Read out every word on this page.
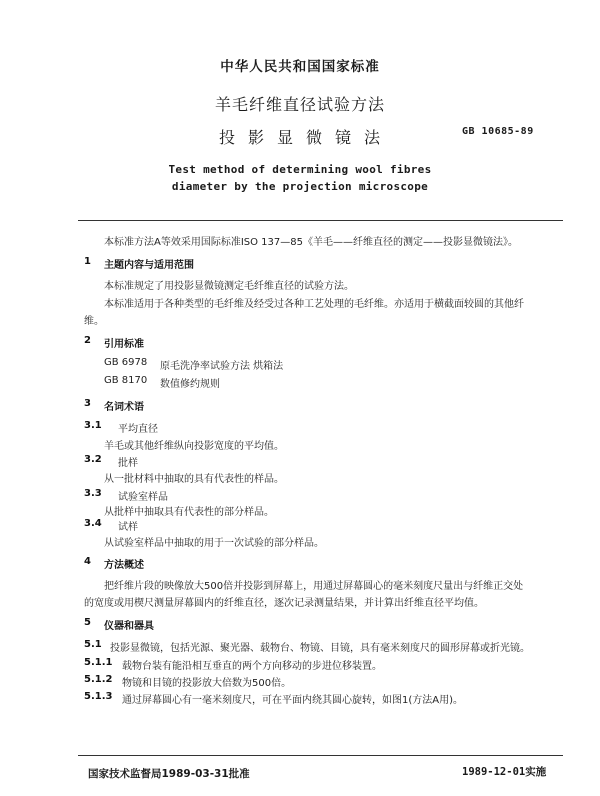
中华人民共和国国家标准
羊毛纤维直径试验方法
投影显微镜法	GB 10685-89
Test method of determining wool fibres
diameter by the projection microscope
本标准方法A等效采用国际标准ISO 137—85《羊毛——纤维直径的测定——投影显微镜法》。
1 主题内容与适用范围
本标准规定了用投影显微镜测定毛纤维直径的试验方法。
本标准适用于各种类型的毛纤维及经受过各种工艺处理的毛纤维。亦适用于横截面较圆的其他纤
维。
2 引用标准
GB 6978 原毛洗净率试验方法 烘箱法
GB 8170 数值修约规则
3 名词术语
3.1 平均直径
羊毛或其他纤维纵向投影宽度的平均值。
3.2 批样
从一批材料中抽取的具有代表性的样品。
3.3 试验室样品
从批样中抽取具有代表性的部分样品。
3.4 试样
从试验室样品中抽取的用于一次试验的部分样品。
4 方法概述
把纤维片段的映像放大500倍并投影到屏幕上，用通过屏幕圆心的毫米刻度尺量出与纤维正交处
的宽度或用楔尺测量屏幕圆内的纤维直径，逐次记录测量结果，并计算出纤维直径平均值。
5 仪器和器具
5.1 投影显微镜，包括光源、聚光器、载物台、物镜、目镜，具有毫米刻度尺的圆形屏幕或折光镜。
5.1.1 载物台装有能沿相互垂直的两个方向移动的步进位移装置。
5.1.2 物镜和目镜的投影放大倍数为500倍。
5.1.3 通过屏幕圆心有一毫米刻度尺，可在平面内绕其圆心旋转，如图1(方法A用)。
国家技术监督局1989-03-31批准	1989-12-01实施
